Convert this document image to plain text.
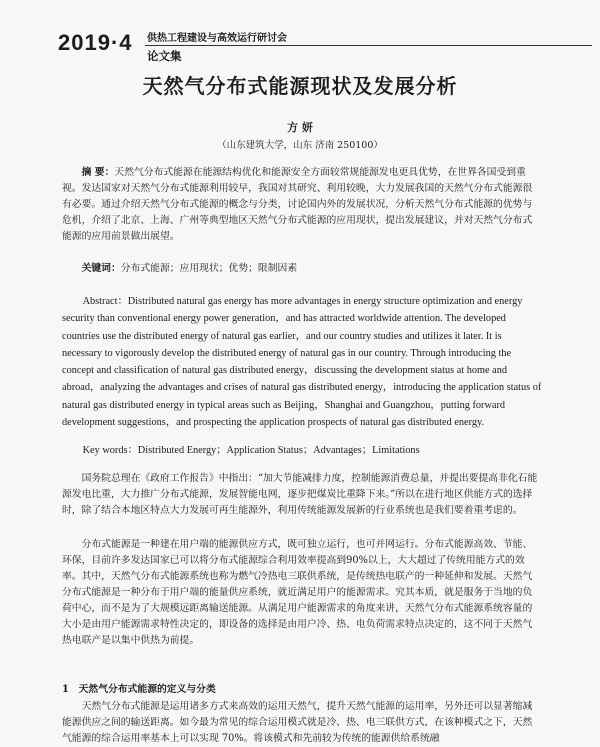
2019·4 供热工程建设与高效运行研讨会
论文集
天然气分布式能源现状及发展分析
方 妍
（山东建筑大学，山东 济南 250100）

摘 要：天然气分布式能源在能源结构优化和能源安全方面较常规能源发电更具优势，在世界各国受到重视。发达国家对天然气分布式能源利用较早，我国对其研究、利用较晚，大力发展我国的天然气分布式能源很有必要。通过介绍天然气分布式能源的概念与分类，讨论国内外的发展状况，分析天然气分布式能源的优势与危机，介绍了北京、上海、广州等典型地区天然气分布式能源的应用现状，提出发展建议，并对天然气分布式能源的应用前景做出展望。

关键词：分布式能源；应用现状；优势；限制因素

Abstract：Distributed natural gas energy has more advantages in energy structure optimization and energy security than conventional energy power generation，and has attracted worldwide attention. The developed countries use the distributed energy of natural gas earlier，and our country studies and utilizes it later. It is necessary to vigorously develop the distributed energy of natural gas in our country. Through introducing the concept and classification of natural gas distributed energy，discussing the development status at home and abroad，analyzing the advantages and crises of natural gas distributed energy，introducing the application status of natural gas distributed energy in typical areas such as Beijing，Shanghai and Guangzhou，putting forward development suggestions，and prospecting the application prospects of natural gas distributed energy.

Key words：Distributed Energy；Application Status；Advantages；Limitations

国务院总理在《政府工作报告》中指出：“加大节能减排力度，控制能源消费总量，并提出要提高非化石能源发电比重，大力推广分布式能源，发展智能电网，逐步把煤炭比重降下来。”所以在进行地区供能方式的选择时，除了结合本地区特点大力发展可再生能源外，利用传统能源发展新的行业系统也是我们要着重考虑的。

分布式能源是一种建在用户端的能源供应方式，既可独立运行，也可并网运行。分布式能源高效、节能、环保，目前许多发达国家已可以将分布式能源综合利用效率提高到90%以上，大大超过了传统用能方式的效率。其中，天然气分布式能源系统也称为燃气冷热电三联供系统，是传统热电联产的一种延伸和发展。天然气分布式能源是一种分布于用户端的能量供应系统，就近满足用户的能源需求。究其本质，就是服务于当地的负荷中心，而不是为了大规模远距离输送能源。从满足用户能源需求的角度来讲，天然气分布式能源系统容量的大小是由用户能源需求特性决定的，即设备的选择是由用户冷、热、电负荷需求特点决定的，这不同于天然气热电联产是以集中供热为前提。

1　天然气分布式能源的定义与分类

天然气分布式能源是运用诸多方式来高效的运用天然气，提升天然气能源的运用率，另外还可以显著缩减能源供应之间的输送距离。如今最为常见的综合运用模式就是冷、热、电三联供方式，在该种模式之下，天然气能源的综合运用率基本上可以实现 70%。将该模式和先前较为传统的能源供给系统融
